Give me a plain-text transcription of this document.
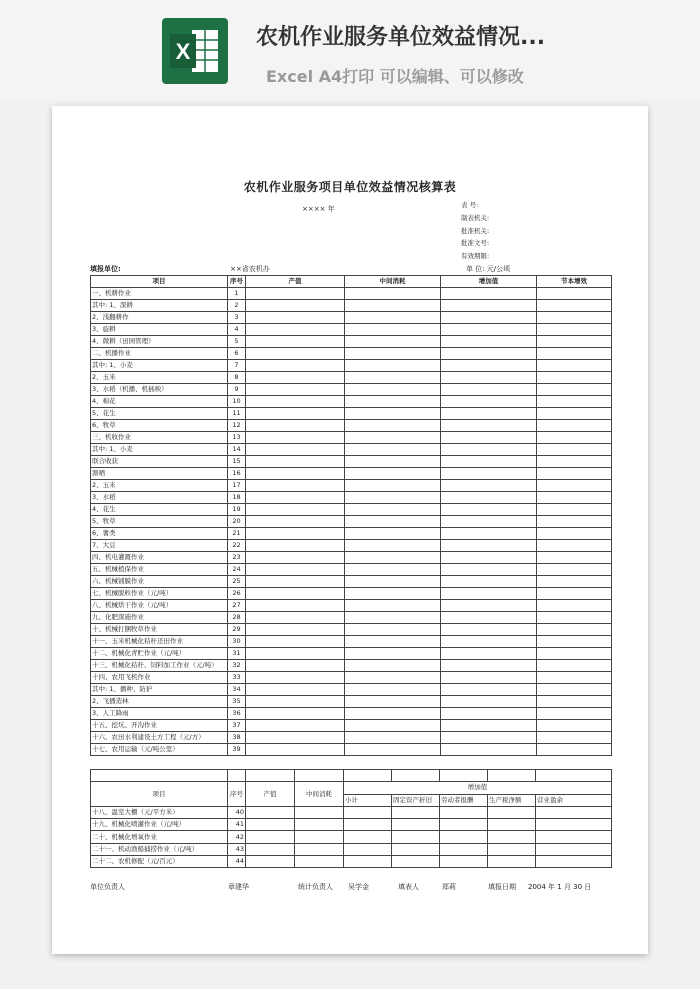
X
农机作业服务单位效益情况...
Excel A4打印 可以编辑、可以修改
农机作业服务项目单位效益情况核算表
×××× 年	表 号:
制表机关:
批准机关:
批准文号:
有效期限:
填报单位:	××省农机办	单 位: 元/公顷
项目	序号	产值	中间消耗	增加值	节本增效
一、机耕作业	1				
其中: 1、深耕	2				
2、浅翻耕作	3				
3、旋耕	4				
4、微耕（田园管理）	5				
二、机播作业	6				
其中: 1、小麦	7				
2、玉米	8				
3、水稻（机播、机插秧）	9				
4、棉花	10				
5、花生	11				
6、牧草	12				
三、机收作业	13				
其中: 1、小麦	14				
联合收获	15				
割晒	16				
2、玉米	17				
3、水稻	18				
4、花生	19				
5、牧草	20				
6、薯类	21				
7、大豆	22				
四、机电灌溉作业	23				
五、机械植保作业	24				
六、机械铺膜作业	25				
七、机械脱粒作业（元/吨）	26				
八、机械烘干作业（元/吨）	27				
九、化肥深施作业	28				
十、机械打捆牧草作业	29				
十一、玉米机械化秸秆还田作业	30				
十二、机械化青贮作业（元/吨）	31				
十三、机械化秸秆、饲料加工作业（元/吨）	32				
十四、农用飞机作业	33				
其中: 1、播种、防护	34				
2、飞播造林	35				
3、人工降雨	36				
十五、挖坑、开沟作业	37				
十六、农田水利建设土方工程（元/方）	38				
十七、农用运输（元/吨公里）	39				

项目	序号	产值	中间消耗	增加值				
				小计	固定资产折旧	劳动者报酬	生产税净额	营业盈余
十八、温室大棚（元/平方米）	40							
十九、机械化喷灌作业（元/吨）	41							
二十、机械化增氧作业	42							
二十一、机动渔船捕捞作业（元/吨）	43							
二十二、农机修配（元/百元）	44							
单位负责人	章建华	统计负责人 吴学金	填表人	郑莉	填报日期 2004 年 1 月 30 日
